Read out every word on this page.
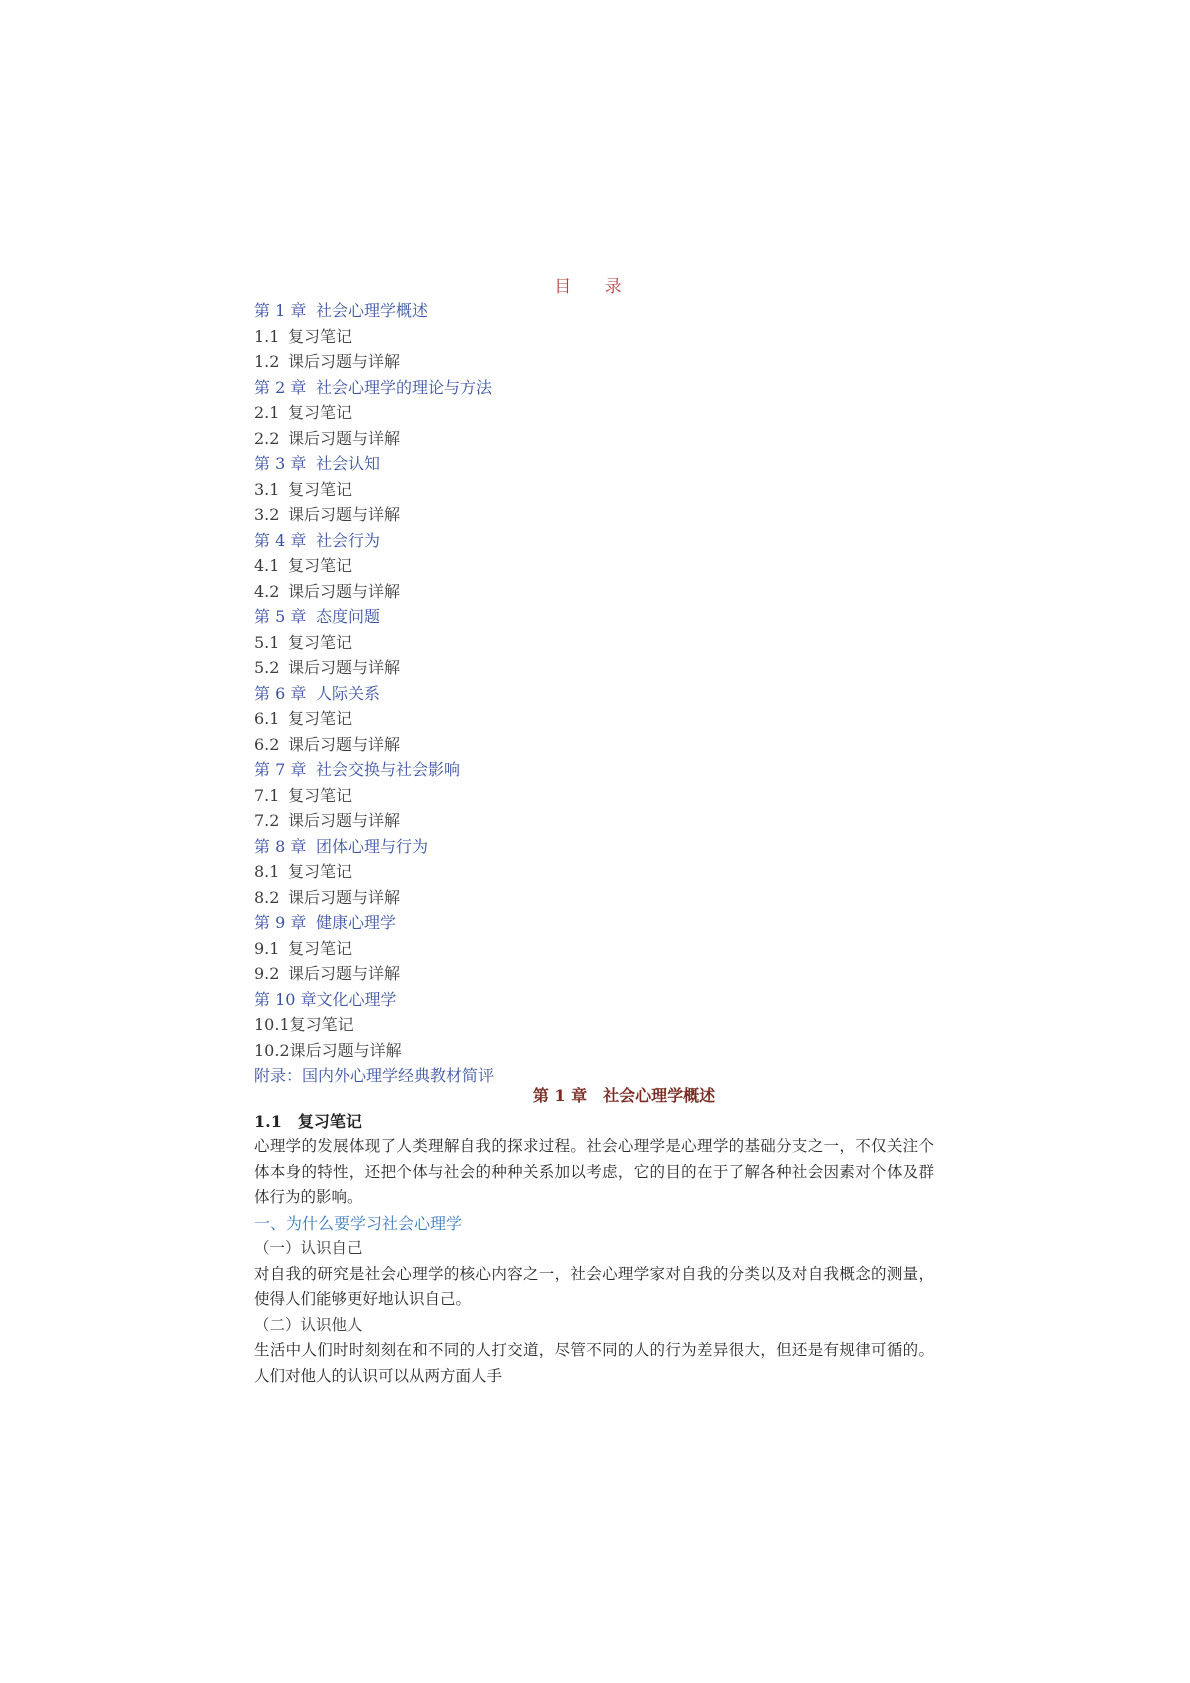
目 录
第 1 章 社会心理学概述
1.1 复习笔记
1.2 课后习题与详解
第 2 章 社会心理学的理论与方法
2.1 复习笔记
2.2 课后习题与详解
第 3 章 社会认知
3.1 复习笔记
3.2 课后习题与详解
第 4 章 社会行为
4.1 复习笔记
4.2 课后习题与详解
第 5 章 态度问题
5.1 复习笔记
5.2 课后习题与详解
第 6 章 人际关系
6.1 复习笔记
6.2 课后习题与详解
第 7 章 社会交换与社会影响
7.1 复习笔记
7.2 课后习题与详解
第 8 章 团体心理与行为
8.1 复习笔记
8.2 课后习题与详解
第 9 章 健康心理学
9.1 复习笔记
9.2 课后习题与详解
第 10 章文化心理学
10.1复习笔记
10.2课后习题与详解
附录：国内外心理学经典教材简评
第 1 章　社会心理学概述
1.1　复习笔记

心理学的发展体现了人类理解自我的探求过程。社会心理学是心理学的基础分支之一，不仅关注个体本身的特性，还把个体与社会的种种关系加以考虑，它的目的在于了解各种社会因素对个体及群体行为的影响。

一、为什么要学习社会心理学
（一）认识自己

对自我的研究是社会心理学的核心内容之一，社会心理学家对自我的分类以及对自我概念的测量，使得人们能够更好地认识自己。

（二）认识他人

生活中人们时时刻刻在和不同的人打交道，尽管不同的人的行为差异很大，但还是有规律可循的。人们对他人的认识可以从两方面人手
